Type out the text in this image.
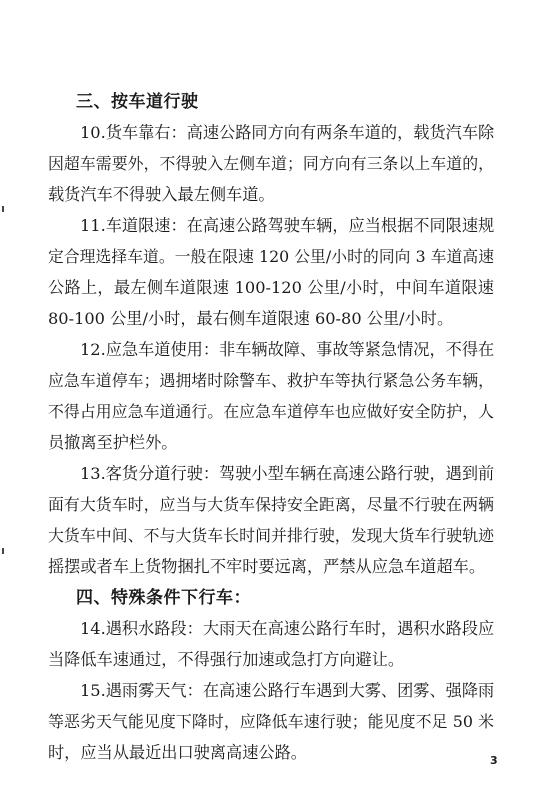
三、按车道行驶
10.货车靠右：高速公路同方向有两条车道的，载货汽车除
因超车需要外，不得驶入左侧车道；同方向有三条以上车道的，
载货汽车不得驶入最左侧车道。
11.车道限速：在高速公路驾驶车辆，应当根据不同限速规
定合理选择车道。一般在限速 120 公里/小时的同向 3 车道高速
公路上，最左侧车道限速 100-120 公里/小时，中间车道限速
80-100 公里/小时，最右侧车道限速 60-80 公里/小时。
12.应急车道使用：非车辆故障、事故等紧急情况，不得在
应急车道停车；遇拥堵时除警车、救护车等执行紧急公务车辆，
不得占用应急车道通行。在应急车道停车也应做好安全防护，人
员撤离至护栏外。
13.客货分道行驶：驾驶小型车辆在高速公路行驶，遇到前
面有大货车时，应当与大货车保持安全距离，尽量不行驶在两辆
大货车中间、不与大货车长时间并排行驶，发现大货车行驶轨迹
摇摆或者车上货物捆扎不牢时要远离，严禁从应急车道超车。
四、特殊条件下行车：
14.遇积水路段：大雨天在高速公路行车时，遇积水路段应
当降低车速通过，不得强行加速或急打方向避让。
15.遇雨雾天气：在高速公路行车遇到大雾、团雾、强降雨
等恶劣天气能见度下降时，应降低车速行驶；能见度不足 50 米
时，应当从最近出口驶离高速公路。	3
